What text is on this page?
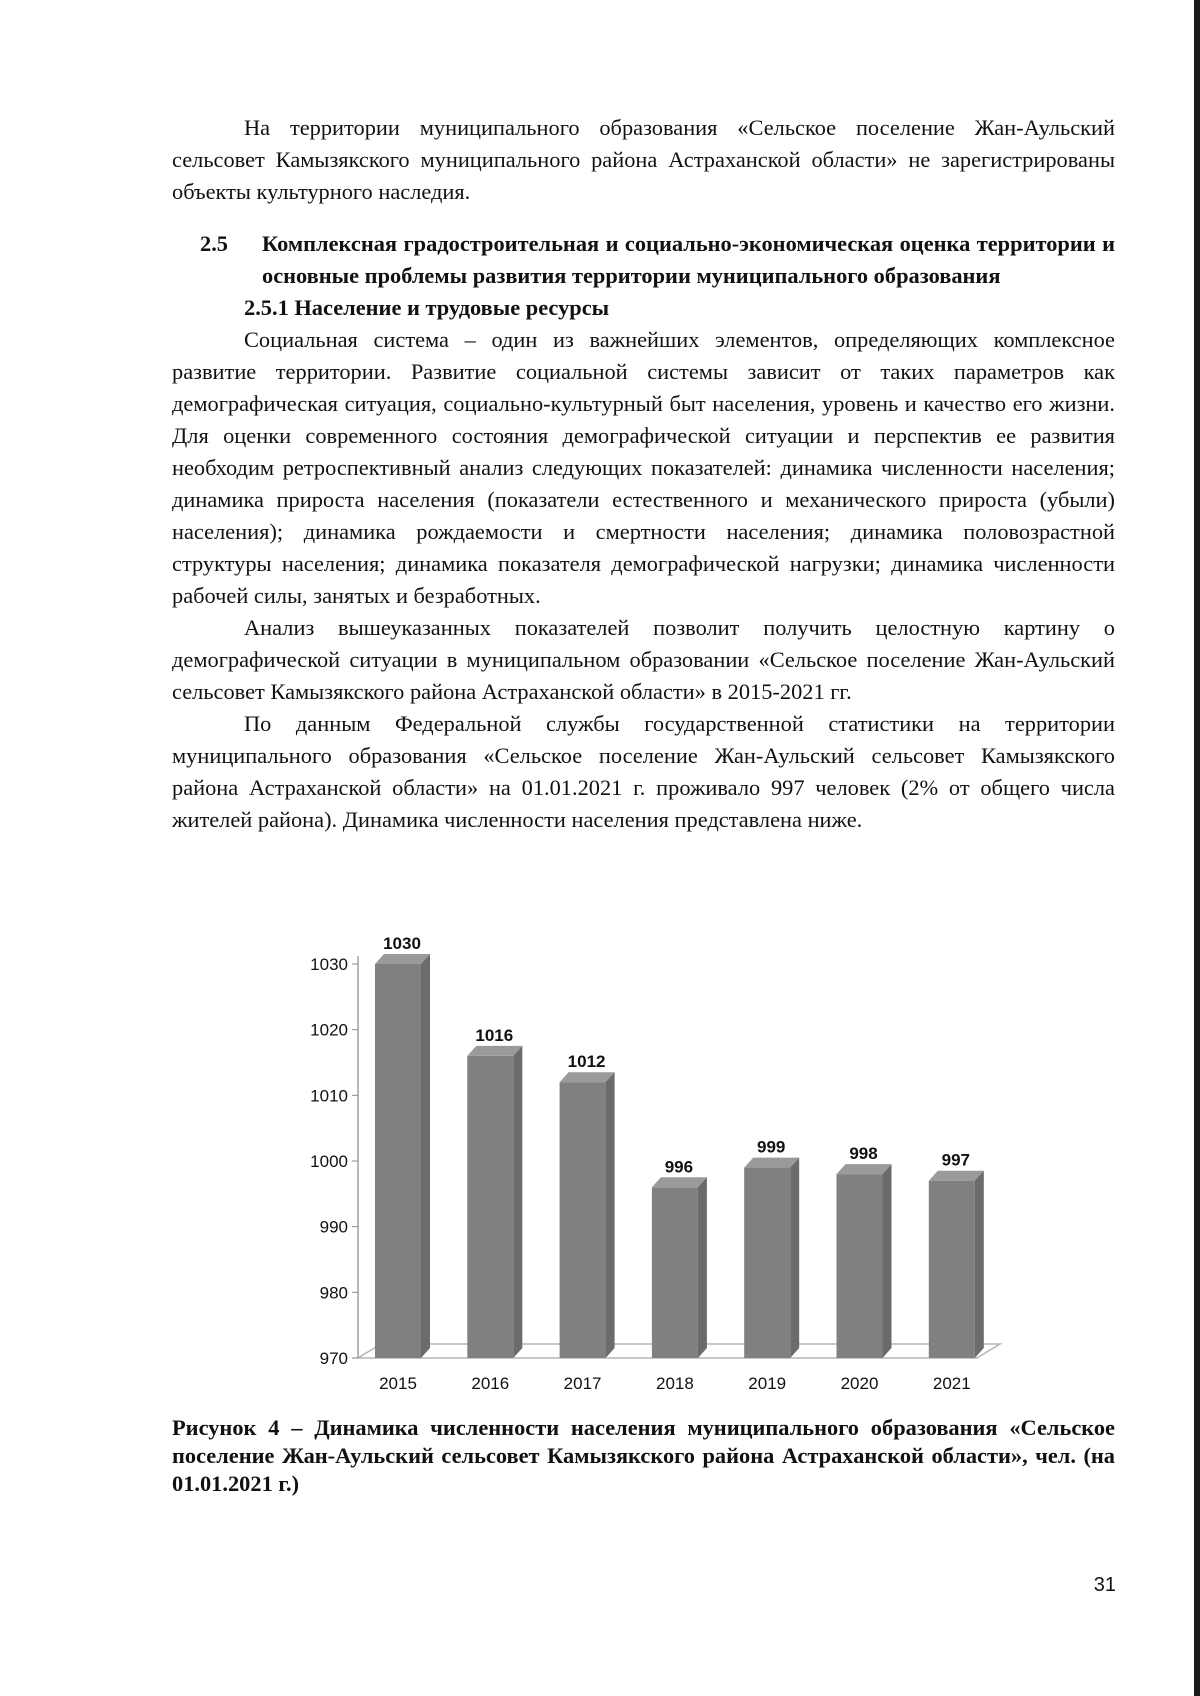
На территории муниципального образования «Сельское поселение Жан-Аульский сельсовет Камызякского муниципального района Астраханской области» не зарегистрированы объекты культурного наследия.

2.5	Комплексная градостроительная и социально-экономическая оценка территории и основные проблемы развития территории муниципального образования
2.5.1 Население и трудовые ресурсы

Социальная система – один из важнейших элементов, определяющих комплексное развитие территории. Развитие социальной системы зависит от таких параметров как демографическая ситуация, социально-культурный быт населения, уровень и качество его жизни. Для оценки современного состояния демографической ситуации и перспектив ее развития необходим ретроспективный анализ следующих показателей: динамика численности населения; динамика прироста населения (показатели естественного и механического прироста (убыли) населения); динамика рождаемости и смертности населения; динамика половозрастной структуры населения; динамика показателя демографической нагрузки; динамика численности рабочей силы, занятых и безработных.

Анализ вышеуказанных показателей позволит получить целостную картину о демографической ситуации в муниципальном образовании «Сельское поселение Жан-Аульский сельсовет Камызякского района Астраханской области» в 2015-2021 гг.

По данным Федеральной службы государственной статистики на территории муниципального образования «Сельское поселение Жан-Аульский сельсовет Камызякского района Астраханской области» на 01.01.2021 г. проживало 997 человек (2% от общего числа жителей района). Динамика численности населения представлена ниже.

970
980
990
1000
1010
1020
1030
1030
2015
1016
2016
1012
2017
996
2018
999
2019
998
2020
997
2021
Рисунок 4 – Динамика численности населения муниципального образования «Сельское поселение Жан-Аульский сельсовет Камызякского района Астраханской области», чел. (на 01.01.2021 г.)
31
